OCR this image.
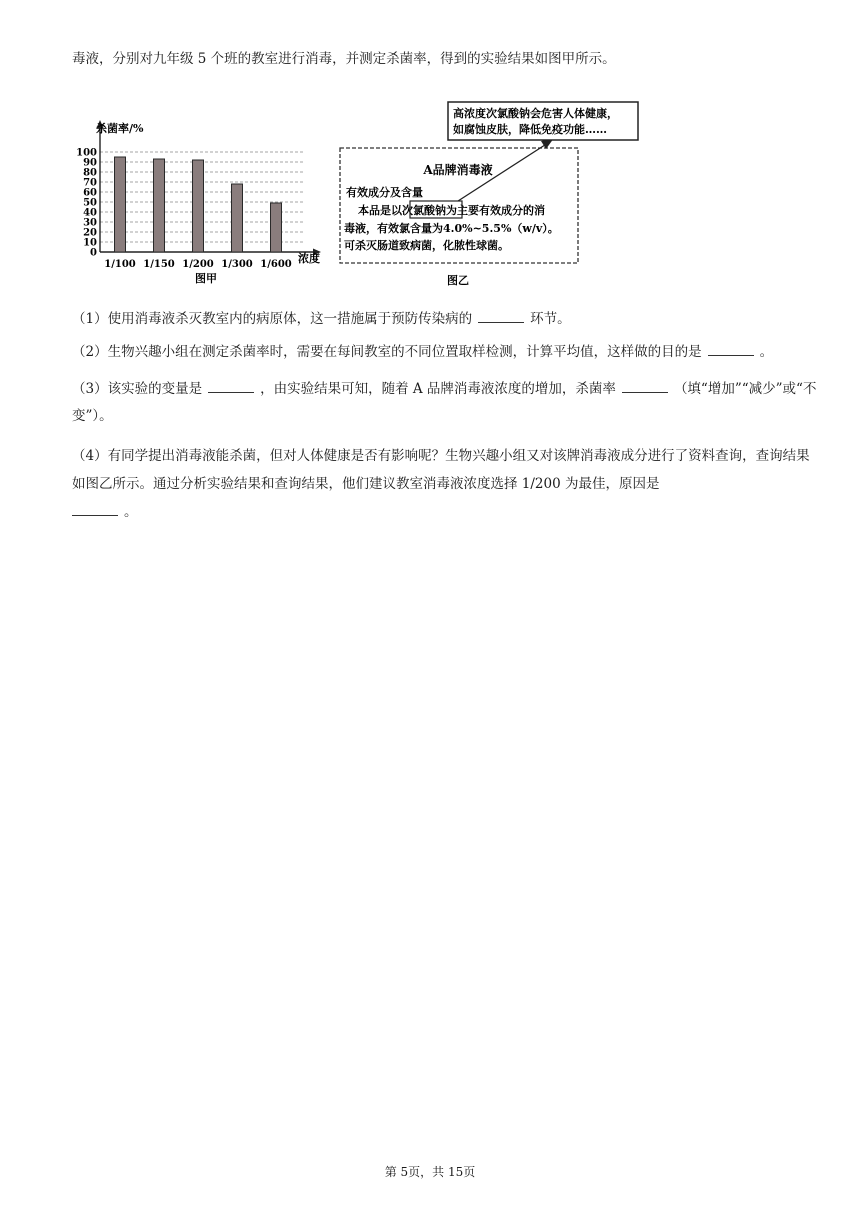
毒液，分别对九年级 5 个班的教室进行消毒，并测定杀菌率，得到的实验结果如图甲所示。
0
10
20
30
40
50
60
70
80
90
100
1/100 1/150 1/200 1/300 1/600
杀菌率/%
浓度
图甲
A品牌消毒液
有效成分及含量
本品是以次氯酸钠为主要有效成分的消
毒液，有效氯含量为4.0%~5.5%（w/v）。
可杀灭肠道致病菌，化脓性球菌。
高浓度次氯酸钠会危害人体健康，
如腐蚀皮肤，降低免疫功能……
图乙
（1）使用消毒液杀灭教室内的病原体，这一措施属于预防传染病的	环节。
（2）生物兴趣小组在测定杀菌率时，需要在每间教室的不同位置取样检测，计算平均值，这样做的目的是	。
（3）该实验的变量是	，由实验结果可知，随着 A 品牌消毒液浓度的增加，杀菌率	（填“增加”“减少”或“不变”）。
（4）有同学提出消毒液能杀菌，但对人体健康是否有影响呢？生物兴趣小组又对该牌消毒液成分进行了资料查询，查询结果如图乙所示。通过分析实验结果和查询结果，他们建议教室消毒液浓度选择 1/200 为最佳，原因是
。
第 5页，共 15页
